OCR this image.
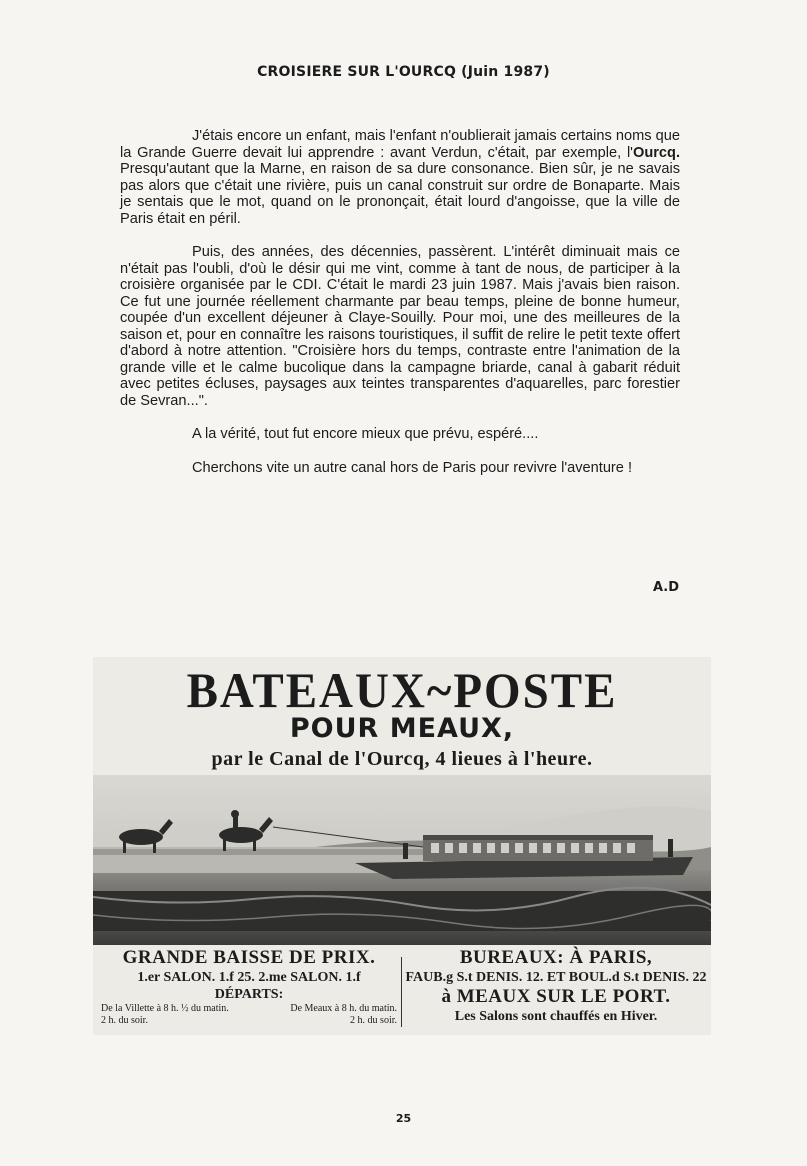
CROISIERE SUR L'OURCQ (Juin 1987)

J'étais encore un enfant, mais l'enfant n'oublierait jamais certains noms que la Grande Guerre devait lui apprendre : avant Verdun, c'était, par exemple, l'Ourcq. Presqu'autant que la Marne, en raison de sa dure consonance. Bien sûr, je ne savais pas alors que c'était une rivière, puis un canal construit sur ordre de Bonaparte. Mais je sentais que le mot, quand on le prononçait, était lourd d'angoisse, que la ville de Paris était en péril.

Puis, des années, des décennies, passèrent. L'intérêt diminuait mais ce n'était pas l'oubli, d'où le désir qui me vint, comme à tant de nous, de participer à la croisière organisée par le CDI. C'était le mardi 23 juin 1987. Mais j'avais bien raison. Ce fut une journée réellement charmante par beau temps, pleine de bonne humeur, coupée d'un excellent déjeuner à Claye-Souilly. Pour moi, une des meilleures de la saison et, pour en connaître les raisons touristiques, il suffit de relire le petit texte offert d'abord à notre attention. "Croisière hors du temps, contraste entre l'animation de la grande ville et le calme bucolique dans la campagne briarde, canal à gabarit réduit avec petites écluses, paysages aux teintes transparentes d'aquarelles, parc forestier de Sevran...".

A la vérité, tout fut encore mieux que prévu, espéré....

Cherchons vite un autre canal hors de Paris pour revivre l'aventure !

A.D
BATEAUX~POSTE
POUR MEAUX,
par le Canal de l'Ourcq, 4 lieues à l'heure.
GRANDE BAISSE DE PRIX.
1.er SALON. 1.f 25. 2.me SALON. 1.f
DÉPARTS:
De la Villette à 8 h. ½ du matin.	De Meaux à 8 h. du matin.
2 h. du soir.	2 h. du soir.
BUREAUX: À PARIS,
FAUB.g S.t DENIS. 12. ET BOUL.d S.t DENIS. 22
à MEAUX SUR LE PORT.
Les Salons sont chauffés en Hiver.
25
